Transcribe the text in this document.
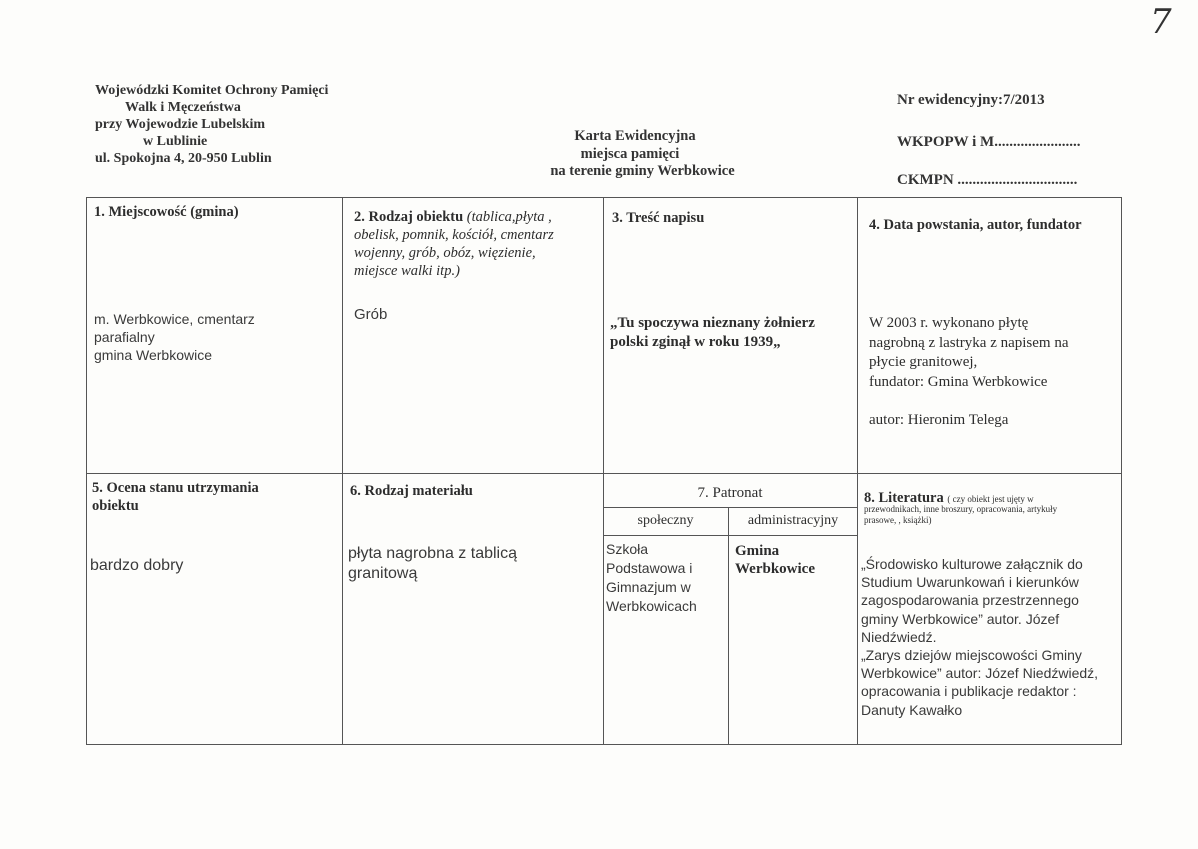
7
Wojewódzki Komitet Ochrony Pamięci
Walk i Męczeństwa
przy Wojewodzie Lubelskim
w Lublinie
ul. Spokojna 4, 20-950 Lublin
Karta Ewidencyjna
miejsca pamięci
na terenie gminy Werbkowice
Nr ewidencyjny:7/2013
WKPOPW i M.......................
CKMPN ................................
1. Miejscowość (gmina)
m. Werbkowice, cmentarz
parafialny
gmina Werbkowice
2. Rodzaj obiektu (tablica,płyta ,
obelisk, pomnik, kościół, cmentarz
wojenny, grób, obóz, więzienie,
miejsce walki itp.)
Grób
3. Treść napisu
„Tu spoczywa nieznany żołnierz
polski zginął w roku 1939„
4. Data powstania, autor, fundator
W 2003 r. wykonano płytę
nagrobną z lastryka z napisem na
płycie granitowej,
fundator: Gmina Werbkowice
autor: Hieronim Telega
5. Ocena stanu utrzymania
obiektu
bardzo dobry
6. Rodzaj materiału
płyta nagrobna z tablicą
granitową
7. Patronat
społeczny	administracyjny
Szkoła
Podstawowa i
Gimnazjum w
Werbkowicach
Gmina
Werbkowice
8. Literatura ( czy obiekt jest ujęty w

przewodnikach, inne broszury, opracowania, artykuły
prasowe, , książki)
„Środowisko kulturowe załącznik do
Studium Uwarunkowań i kierunków
zagospodarowania przestrzennego
gminy Werbkowice” autor. Józef
Niedźwiedź.
„Zarys dziejów miejscowości Gminy
Werbkowice” autor: Józef Niedźwiedź,
opracowania i publikacje redaktor :
Danuty Kawałko
